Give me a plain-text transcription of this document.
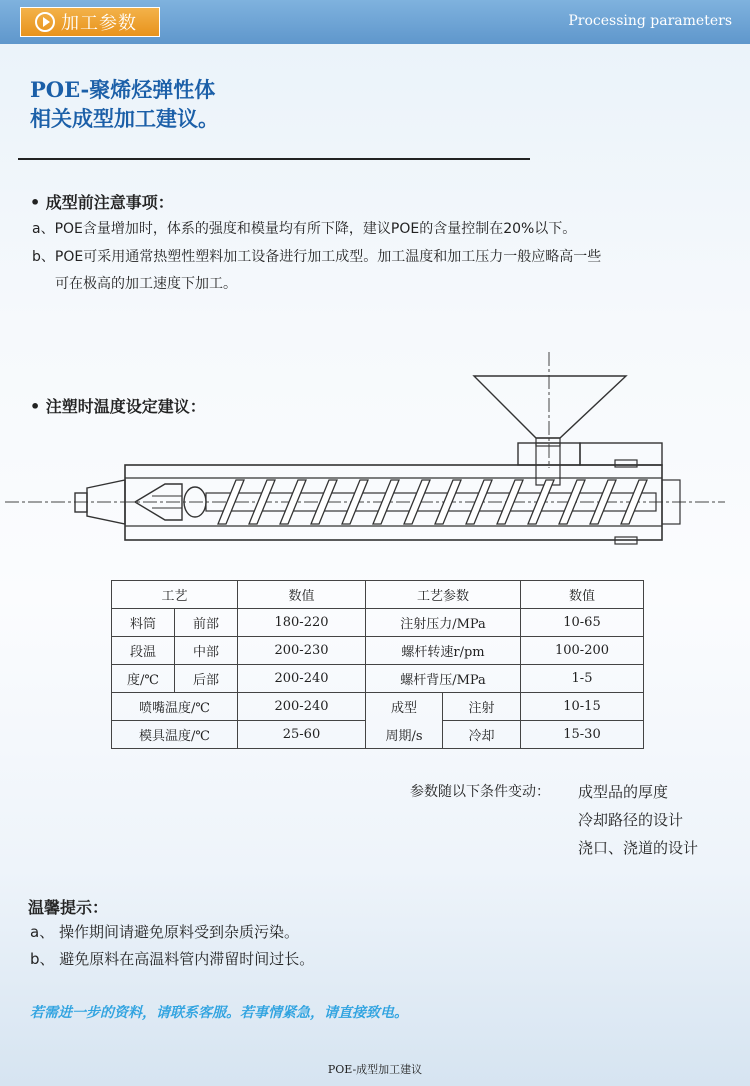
加工参数	Processing parameters
POE-聚烯烃弹性体
相关成型加工建议。
• 成型前注意事项：
a、POE含量增加时，体系的强度和模量均有所下降，建议POE的含量控制在20%以下。
b、POE可采用通常热塑性塑料加工设备进行加工成型。加工温度和加工压力一般应略高一些
可在极高的加工速度下加工。
• 注塑时温度设定建议：
工艺		数值	工艺参数		数值
料筒	前部	180-220	注射压力/MPa		10-65
段温	中部	200-230	螺杆转速r/pm		100-200
度/℃	后部	200-240	螺杆背压/MPa		1-5
喷嘴温度/℃		200-240	成型	注射	10-15
模具温度/℃		25-60	周期/s	冷却	15-30
参数随以下条件变动： 成型品的厚度
冷却路径的设计
浇口、浇道的设计
温馨提示：
a、 操作期间请避免原料受到杂质污染。
b、 避免原料在高温料管内滞留时间过长。
若需进一步的资料，请联系客服。若事情紧急，请直接致电。
POE-成型加工建议
